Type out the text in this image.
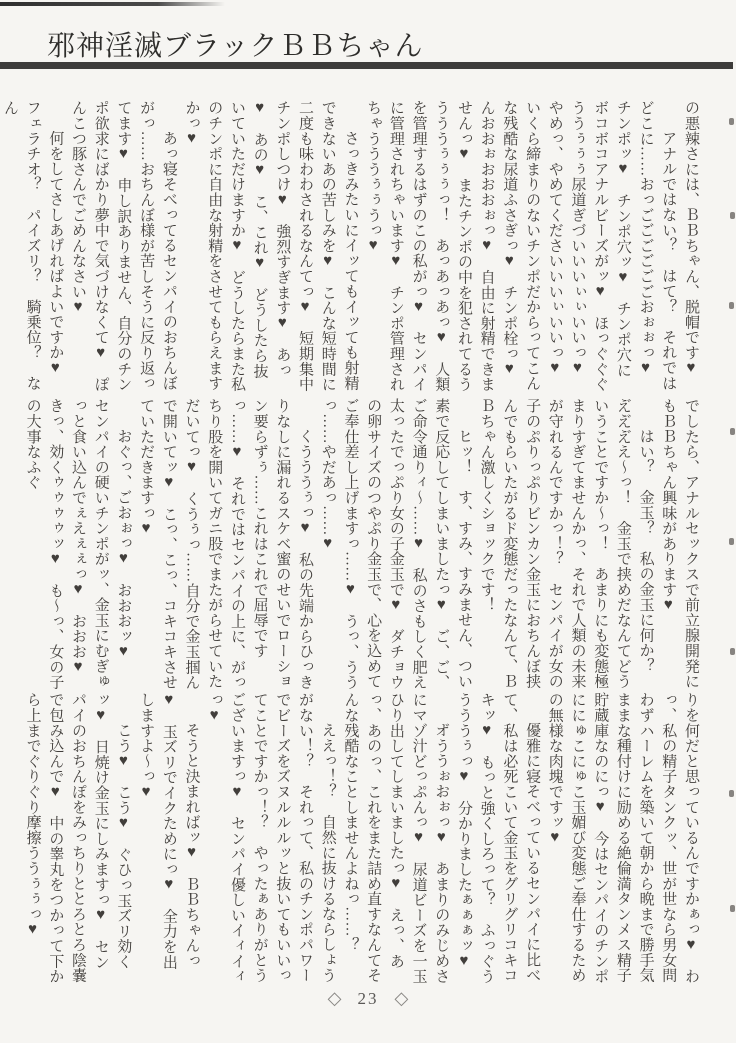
邪神淫滅ブラックＢＢちゃん

の悪辣さには、ＢＢちゃん、脱帽です♥

　アナルではない？　はて？　それではどこに……おっごごごごごごおぉぉっ♥　チンポッ♥　チンポ穴ッ♥　チンポ穴にボコボコアナルビーズがッ♥　ほっぐぐぐううぅぅぅ尿道ぎづいいいぃぃいいっ♥　やめっ、やめてくださいいいぃいいっ♥　いくら締まりのないチンポだからってこんな残酷な尿道ふさぎっ♥　チンポ栓っ♥　んおおぉおおおぉっ♥　自由に射精できませんっ♥　またチンポの中を犯されてるううううぅぅぅっ！　あっあっあっ♥　人類を管理するはずのこの私がっ♥　センパイに管理されちゃいます♥　チンポ管理されちゃうううぅぅうっ♥

　さっきみたいにイッてもイッても射精できないあの苦しみを♥　こんな短時間に二度も味わわされるなんてっ♥　短期集中チンポしつけ♥　強烈すぎます♥　あっ♥　あの♥　こ、これ♥　どうしたら抜いていただけますか♥　どうしたらまた私のチンポに自由な射精をさせてもらえますかっ♥

　あっ寝そべってるセンパイのおちんぼがっ……おちんぼ様が苦しそうに反り返ってます♥　申し訳ありません、自分のチンポ欲求にばかり夢中で気づけなくて♥　ぽんこつ豚さんでごめんなさい♥

　何をしてさしあげればよいですか♥　フェラチオ？　パイズリ？　騎乗位？　なん

でしたら、アナルセックスで前立腺開発にもＢＢちゃん興味があります♥

　はい？　金玉？　私の金玉に何か？　え゙え゙え゙え〜っ！　金玉で挟めだなんてどういうことですか〜っ！　あまりにも変態極まりすぎてませんかっ、それで人類の未来が守れるんですかっ！？　センパイが女の子のぷりっぷりビンカン金玉におちんぼ挟んでもらいたがるド変態だったなんて、ＢＢちゃん激しくショックです！

　ヒッ！　す、すみ、すみません、つい素で反応してしまいましたっ♥　ご、ご、ご命令通りィ〜……♥　私のさもしく肥え太ったでっぷり女の子金玉で♥　ダチョウの卵サイズのつやぷり金玉で、心を込めてご奉仕差し上げますっ……♥　うっ、ううっ……やだあっ……♥

　くうううぅっ♥　私の先端からひっきりなしに漏れるスケベ蜜のせいでローション要らずぅ……これはこれで屈辱ですっ……♥　それではセンパイの上に、がっちり股を開いてガニ股でまたがらせていただいてっ♥　くうぅっ……自分で金玉掴んで開いてッ♥　こっ、こっ、コキコキさせていただきますっ♥

　おぐっ、ごおぉっ♥　おおおッ♥　センパイの硬いチンポがッ、金玉にむぎゅっと食い込んでぇえぇぇっ♥　おおお♥　きっ、効くゥゥゥゥッ♥　も〜っ、女の子の大事なふぐ

りを何だと思っているんですかぁっ♥　わっ、私の精子タンクッ、世が世なら男女問わずハーレムを築いて朝から晩まで勝手気ままな種付けに励める絶倫満タンメス精子貯蔵庫なのにっ♥　今はセンパイのチンポににゅこにゅこ玉媚び変態ご奉仕するための無様な肉塊ですッ♥

　優雅に寝そべっているセンパイに比べて、私は必死こいて金玉をグリグリコキコキッ♥　もっと強くしろって？　ふっぐううううぅっ♥　分かりましたぁぁぁッ♥

　オ゙ううぉおぉっ♥　あまりのみじめさにマゾ汁どっぷんっ♥　尿道ビーズを一玉ひり出してしまいましたっ♥　えっ、あっ、あのっ、これをまた詰め直すなんてそんな残酷なことしませんよねっ……？

　ええっ！？　自然に抜けるならしょうがない！？　それって、私のチンポパワーでビーズをズヌルルルッと抜いてもいいってことですかっ！？　やったぁありがとうございますっ♥　センパイ優しいイィイィっ♥

　そうと決まればッ♥　ＢＢちゃんっ♥　玉ズリでイクためにっ♥　全力を出しますよ〜っ♥

　こう♥　こう♥　ぐひっ玉ズリ効くッ♥　日焼け金玉にしみますっ♥　センパイのおちんぽをみっちりととろとろ陰嚢で包み込んで♥　中の睾丸をつかって下から上までぐりぐり摩擦ううぅぅっ♥

◇ 23 ◇
